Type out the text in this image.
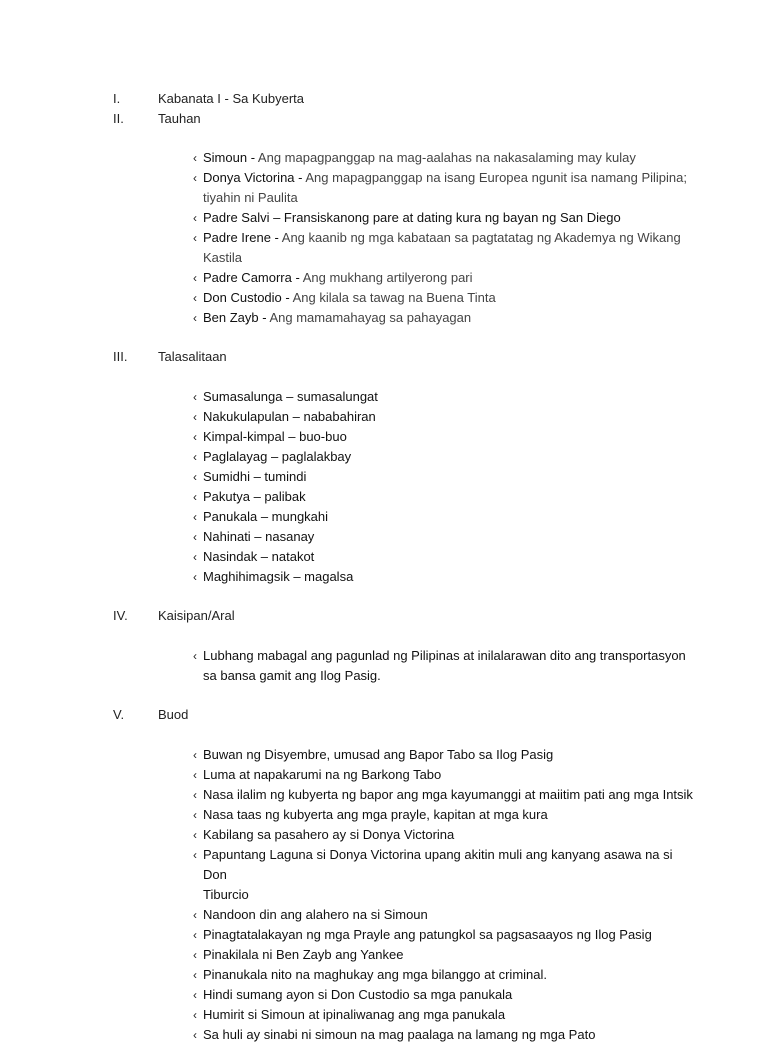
I.	Kabanata I - Sa Kubyerta
II.	Tauhan
‹
Simoun - Ang mapagpanggap na mag-aalahas na nakasalaming may kulay
‹
Donya Victorina - Ang mapagpanggap na isang Europea ngunit isa namang Pilipina;
tiyahin ni Paulita
‹
Padre Salvi – Fransiskanong pare at dating kura ng bayan ng San Diego
‹
Padre Irene - Ang kaanib ng mga kabataan sa pagtatatag ng Akademya ng Wikang
Kastila
‹
Padre Camorra - Ang mukhang artilyerong pari
‹
Don Custodio - Ang kilala sa tawag na Buena Tinta
‹
Ben Zayb - Ang mamamahayag sa pahayagan
III. Talasalitaan
‹
Sumasalunga – sumasalungat
‹
Nakukulapulan – nababahiran
‹
Kimpal-kimpal – buo-buo
‹
Paglalayag – paglalakbay
‹
Sumidhi – tumindi
‹
Pakutya – palibak
‹
Panukala – mungkahi
‹
Nahinati – nasanay
‹
Nasindak – natakot
‹
Maghihimagsik – magalsa
IV. Kaisipan/Aral
‹
Lubhang mabagal ang pagunlad ng Pilipinas at inilalarawan dito ang transportasyon
sa bansa gamit ang Ilog Pasig.
V.	Buod
‹
Buwan ng Disyembre, umusad ang Bapor Tabo sa Ilog Pasig
‹
Luma at napakarumi na ng Barkong Tabo
‹
Nasa ilalim ng kubyerta ng bapor ang mga kayumanggi at maiitim pati ang mga Intsik
‹
Nasa taas ng kubyerta ang mga prayle, kapitan at mga kura
‹
Kabilang sa pasahero ay si Donya Victorina
‹
Papuntang Laguna si Donya Victorina upang akitin muli ang kanyang asawa na si Don
Tiburcio
‹
Nandoon din ang alahero na si Simoun
‹
Pinagtatalakayan ng mga Prayle ang patungkol sa pagsasaayos ng Ilog Pasig
‹
Pinakilala ni Ben Zayb ang Yankee
‹
Pinanukala nito na maghukay ang mga bilanggo at criminal.
‹
Hindi sumang ayon si Don Custodio sa mga panukala
‹
Humirit si Simoun at ipinaliwanag ang mga panukala
‹
Sa huli ay sinabi ni simoun na mag paalaga na lamang ng mga Pato
